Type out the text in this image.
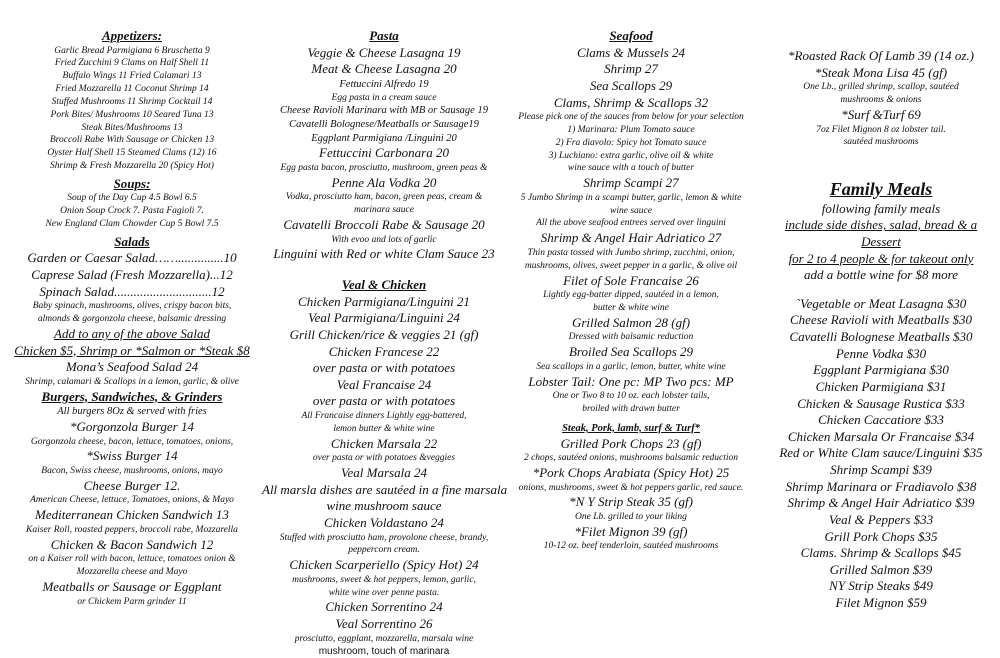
Appetizers:
Garlic Bread Parmigiana 6 Bruschetta 9
Fried Zucchini 9 Clams on Half Shell 11
Buffalo Wings 11 Fried Calamari 13
Fried Mozzarella 11 Coconut Shrimp 14
Stuffed Mushrooms 11 Shrimp Cocktail 14
Pork Bites/ Mushrooms 10 Seared Tuna 13
Steak Bites/Mushrooms 13
Broccoli Rabe With Sausage or Chicken 13
Oyster Half Shell 15 Steamed Clams (12) 16
Shrimp & Fresh Mozzarella 20 (Spicy Hot)
Soups:
Soup of the Day Cup 4.5 Bowl 6.5
Onion Soup Crock 7. Pasta Fagioli 7.
New England Clam Chowder Cup 5 Bowl 7.5
Salads
Garden or Caesar Salad……..............10
Caprese Salad (Fresh Mozzarella)...12
Spinach Salad..............................12
Baby spinach, mushrooms, olives, crispy bacon bits,
almonds & gorgonzola cheese, balsamic dressing
Add to any of the above Salad
Chicken $5, Shrimp or *Salmon or *Steak $8
Mona’s Seafood Salad 24
Shrimp, calamari & Scallops in a lemon, garlic, & olive
Burgers, Sandwiches, & Grinders
All burgers 8Oz & served with fries
*Gorgonzola Burger 14
Gorgonzola cheese, bacon, lettuce, tomatoes, onions,
*Swiss Burger 14
Bacon, Swiss cheese, mushrooms, onions, mayo
Cheese Burger 12.
American Cheese, lettuce, Tomatoes, onions, & Mayo
Mediterranean Chicken Sandwich 13
Kaiser Roll, roasted peppers, broccoli rabe, Mozzarella
Chicken & Bacon Sandwich 12
on a Kaiser roll with bacon, lettuce, tomatoes onion &
Mozzarella cheese and Mayo
Meatballs or Sausage or Eggplant
or Chickem Parm grinder 11
Pasta
Veggie & Cheese Lasagna 19
Meat & Cheese Lasagna 20
Fettuccini Alfredo 19
Egg pasta in a cream sauce
Cheese Ravioli Marinara with MB or Sausage 19
Cavatelli Bolognese/Meatballs or Sausage19
Eggplant Parmigiana /Linguini 20
Fettuccini Carbonara 20
Egg pasta bacon, prosciutto, mushroom, green peas &
Penne Ala Vodka 20
Vodka, prosciutto ham, bacon, green peas, cream &
marinara sauce
Cavatelli Broccoli Rabe & Sausage 20
With evoo and lots of garlic
Linguini with Red or white Clam Sauce 23
Veal & Chicken
Chicken Parmigiana/Linguini 21
Veal Parmigiana/Linguini 24
Grill Chicken/rice & veggies 21 (gf)
Chicken Francese 22
over pasta or with potatoes
Veal Francaise 24
over pasta or with potatoes
All Francaise dinners Lightly egg-battered,
lemon butter & white wine
Chicken Marsala 22
over pasta or with potatoes &veggies
Veal Marsala 24
All marsla dishes are sautéed in a fine marsala
wine mushroom sauce
Chicken Voldastano 24
Stuffed with prosciutto ham, provolone cheese, brandy,
peppercorn cream.
Chicken Scarperiello (Spicy Hot) 24
mushrooms, sweet & hot peppers, lemon, garlic,
white wine over penne pasta.
Chicken Sorrentino 24
Veal Sorrentino 26
prosciutto, eggplant, mozzarella, marsala wine
mushroom, touch of marinara
Seafood
Clams & Mussels 24
Shrimp 27
Sea Scallops 29
Clams, Shrimp & Scallops 32
Please pick one of the sauces from below for your selection
1) Marinara: Plum Tomato sauce
2) Fra diavolo: Spicy hot Tomato sauce
3) Luchiano: extra garlic, olive oil & white
wine sauce with a touch of butter
Shrimp Scampi 27
5 Jumbo Shrimp in a scampi butter, garlic, lemon & white
wine sauce
All the above seafood entrees served over linguini
Shrimp & Angel Hair Adriatico 27
Thin pasta tossed with Jumbo shrimp, zucchini, onion,
mushrooms, olives, sweet pepper in a garlic, & olive oil
Filet of Sole Francaise 26
Lightly egg-batter dipped, sautéed in a lemon,
butter & white wine
Grilled Salmon 28 (gf)
Dressed with balsamic reduction
Broiled Sea Scallops 29
Sea scallops in a garlic, lemon, butter, white wine
Lobster Tail: One pc: MP Two pcs: MP
One or Two 8 to 10 oz. each lobster tails,
broiled with drawn butter
Steak, Pork, lamb, surf & Turf*
Grilled Pork Chops 23 (gf)
2 chops, sautéed onions, mushrooms balsamic reduction
*Pork Chops Arabiata (Spicy Hot) 25
onions, mushrooms, sweet & hot peppers garlic, red sauce.
*N Y Strip Steak 35 (gf)
One Lb. grilled to your liking
*Filet Mignon 39 (gf)
10-12 oz. beef tenderloin, sautéed mushrooms
*Roasted Rack Of Lamb 39 (14 oz.)
*Steak Mona Lisa 45 (gf)
One Lb., grilled shrimp, scallop, sautéed
mushrooms & onions
*Surf &Turf 69
7oz Filet Mignon 8 oz lobster tail.
sautéed mushrooms
Family Meals
following family meals
include side dishes, salad, bread & a
Dessert
for 2 to 4 people & for takeout only
add a bottle wine for $8 more
`Vegetable or Meat Lasagna $30
Cheese Ravioli with Meatballs $30
Cavatelli Bolognese Meatballs $30
Penne Vodka $30
Eggplant Parmigiana $30
Chicken Parmigiana $31
Chicken & Sausage Rustica $33
Chicken Caccatiore $33
Chicken Marsala Or Francaise $34
Red or White Clam sauce/Linguini $35
Shrimp Scampi $39
Shrimp Marinara or Fradiavolo $38
Shrimp & Angel Hair Adriatico $39
Veal & Peppers $33
Grill Pork Chops $35
Clams. Shrimp & Scallops $45
Grilled Salmon $39
NY Strip Steaks $49
Filet Mignon $59
